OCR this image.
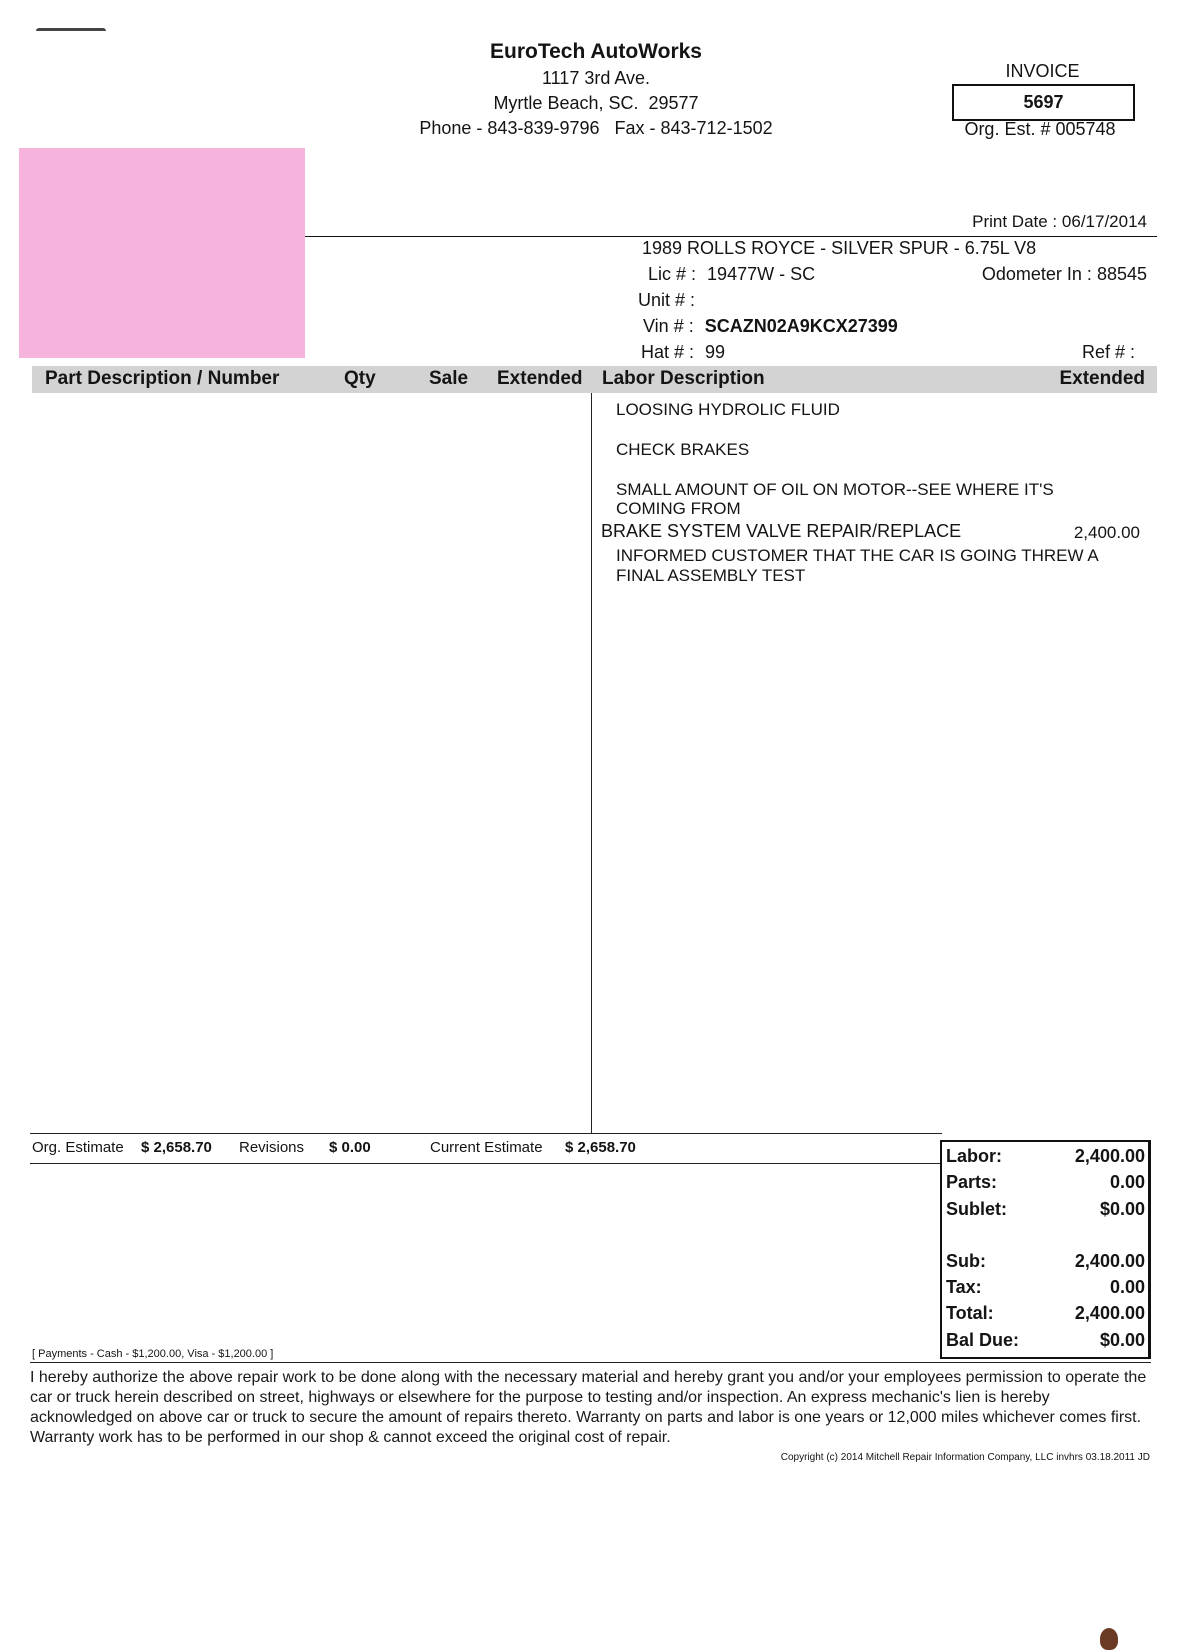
EuroTech AutoWorks
1117 3rd Ave.
Myrtle Beach, SC.  29577
Phone - 843-839-9796   Fax - 843-712-1502
INVOICE
5697
Org. Est. # 005748
Print Date : 06/17/2014
1989 ROLLS ROYCE - SILVER SPUR - 6.75L V8
Lic # : 19477W - SC	Odometer In : 88545
Unit # :
Vin # : SCAZN02A9KCX27399
Hat # : 99	Ref # :
Part Description / Number	Qty	Sale Extended Labor Description	Extended
LOOSING HYDROLIC FLUID
CHECK BRAKES
SMALL AMOUNT OF OIL ON MOTOR--SEE WHERE IT'S
COMING FROM
BRAKE SYSTEM VALVE REPAIR/REPLACE	2,400.00
INFORMED CUSTOMER THAT THE CAR IS GOING THREW A
FINAL ASSEMBLY TEST
Org. Estimate $ 2,658.70 Revisions $ 0.00	Current Estimate $ 2,658.70	Labor:	2,400.00
Parts:	0.00
Sublet:	$0.00
Sub:	2,400.00
Tax:	0.00
Total:	2,400.00
Bal Due:	$0.00
[ Payments - Cash - $1,200.00, Visa - $1,200.00 ]
I hereby authorize the above repair work to be done along with the necessary material and hereby grant you and/or your employees permission to operate the car or truck herein described on street, highways or elsewhere for the purpose to testing and/or inspection. An express mechanic's lien is hereby acknowledged on above car or truck to secure the amount of repairs thereto. Warranty on parts and labor is one years or 12,000 miles whichever comes first. Warranty work has to be performed in our shop & cannot exceed the original cost of repair.
Copyright (c) 2014 Mitchell Repair Information Company, LLC invhrs 03.18.2011 JD
